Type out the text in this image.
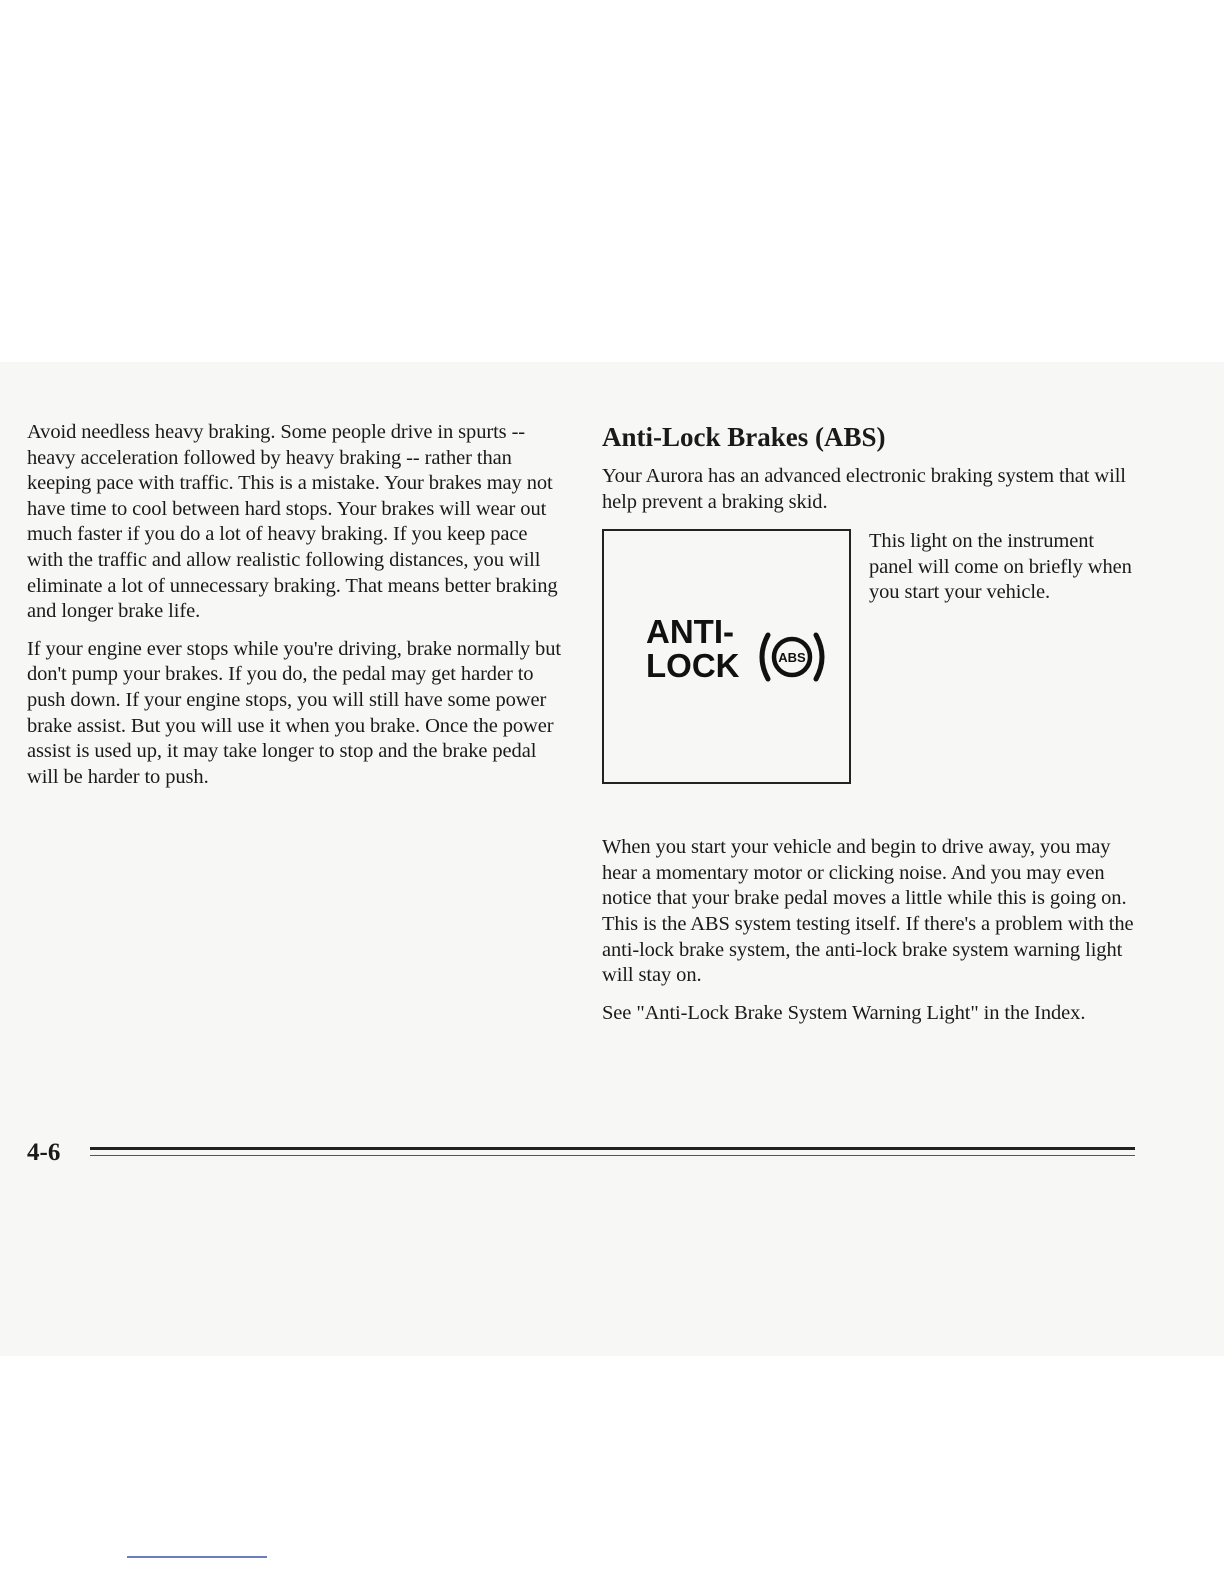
Avoid needless heavy braking. Some people drive in spurts -- heavy acceleration followed by heavy braking -- rather than keeping pace with traffic. This is a mistake. Your brakes may not have time to cool between hard stops. Your brakes will wear out much faster if you do a lot of heavy braking. If you keep pace with the traffic and allow realistic following distances, you will eliminate a lot of unnecessary braking. That means better braking and longer brake life.

If your engine ever stops while you're driving, brake normally but don't pump your brakes. If you do, the pedal may get harder to push down. If your engine stops, you will still have some power brake assist. But you will use it when you brake. Once the power assist is used up, it may take longer to stop and the brake pedal will be harder to push.

Anti-Lock Brakes (ABS)

Your Aurora has an advanced electronic braking system that will help prevent a braking skid.

ANTI-
LOCK	ABS

This light on the instrument panel will come on briefly when you start your vehicle.

When you start your vehicle and begin to drive away, you may hear a momentary motor or clicking noise. And you may even notice that your brake pedal moves a little while this is going on. This is the ABS system testing itself. If there's a problem with the anti-lock brake system, the anti-lock brake system warning light will stay on.

See "Anti-Lock Brake System Warning Light" in the Index.

4-6
